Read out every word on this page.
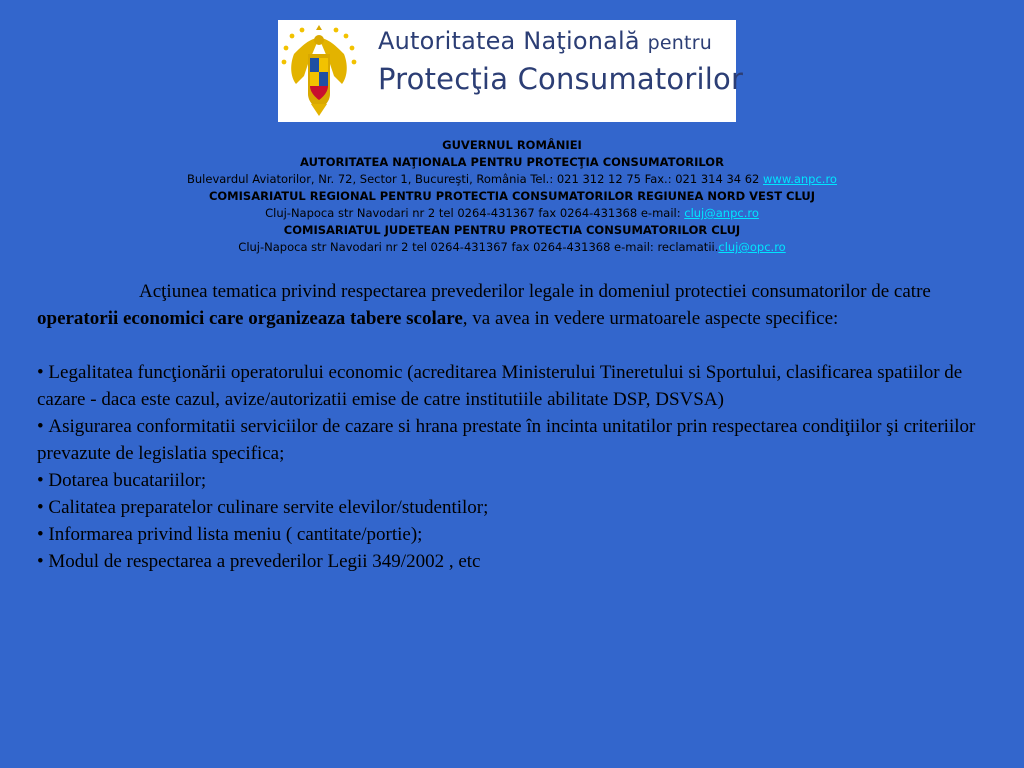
Autoritatea Naţională pentru
Protecţia Consumatorilor
GUVERNUL ROMÂNIEI
AUTORITATEA NAŢIONALA PENTRU PROTECŢIA CONSUMATORILOR
Bulevardul Aviatorilor, Nr. 72, Sector 1, Bucureşti, România Tel.: 021 312 12 75 Fax.: 021 314 34 62 www.anpc.ro
COMISARIATUL REGIONAL PENTRU PROTECTIA CONSUMATORILOR REGIUNEA NORD VEST CLUJ
Cluj-Napoca str Navodari nr 2 tel 0264-431367 fax 0264-431368 e-mail: cluj@anpc.ro
COMISARIATUL JUDETEAN PENTRU PROTECTIA CONSUMATORILOR CLUJ
Cluj-Napoca str Navodari nr 2 tel 0264-431367 fax 0264-431368 e-mail: reclamatii.cluj@opc.ro

Acţiunea tematica privind respectarea prevederilor legale in domeniul protectiei consumatorilor de catre operatorii economici care organizeaza tabere scolare, va avea in vedere urmatoarele aspecte specifice:

• Legalitatea funcţionării operatorului economic (acreditarea Ministerului Tineretului si Sportului, clasificarea spatiilor de cazare - daca este cazul, avize/autorizatii emise de catre institutiile abilitate DSP, DSVSA)

• Asigurarea conformitatii serviciilor de cazare si hrana prestate în incinta unitatilor prin respectarea condiţiilor şi criteriilor prevazute de legislatia specifica;

• Dotarea bucatariilor;

• Calitatea preparatelor culinare servite elevilor/studentilor;

• Informarea privind lista meniu ( cantitate/portie);

• Modul de respectarea a prevederilor Legii 349/2002 , etc
